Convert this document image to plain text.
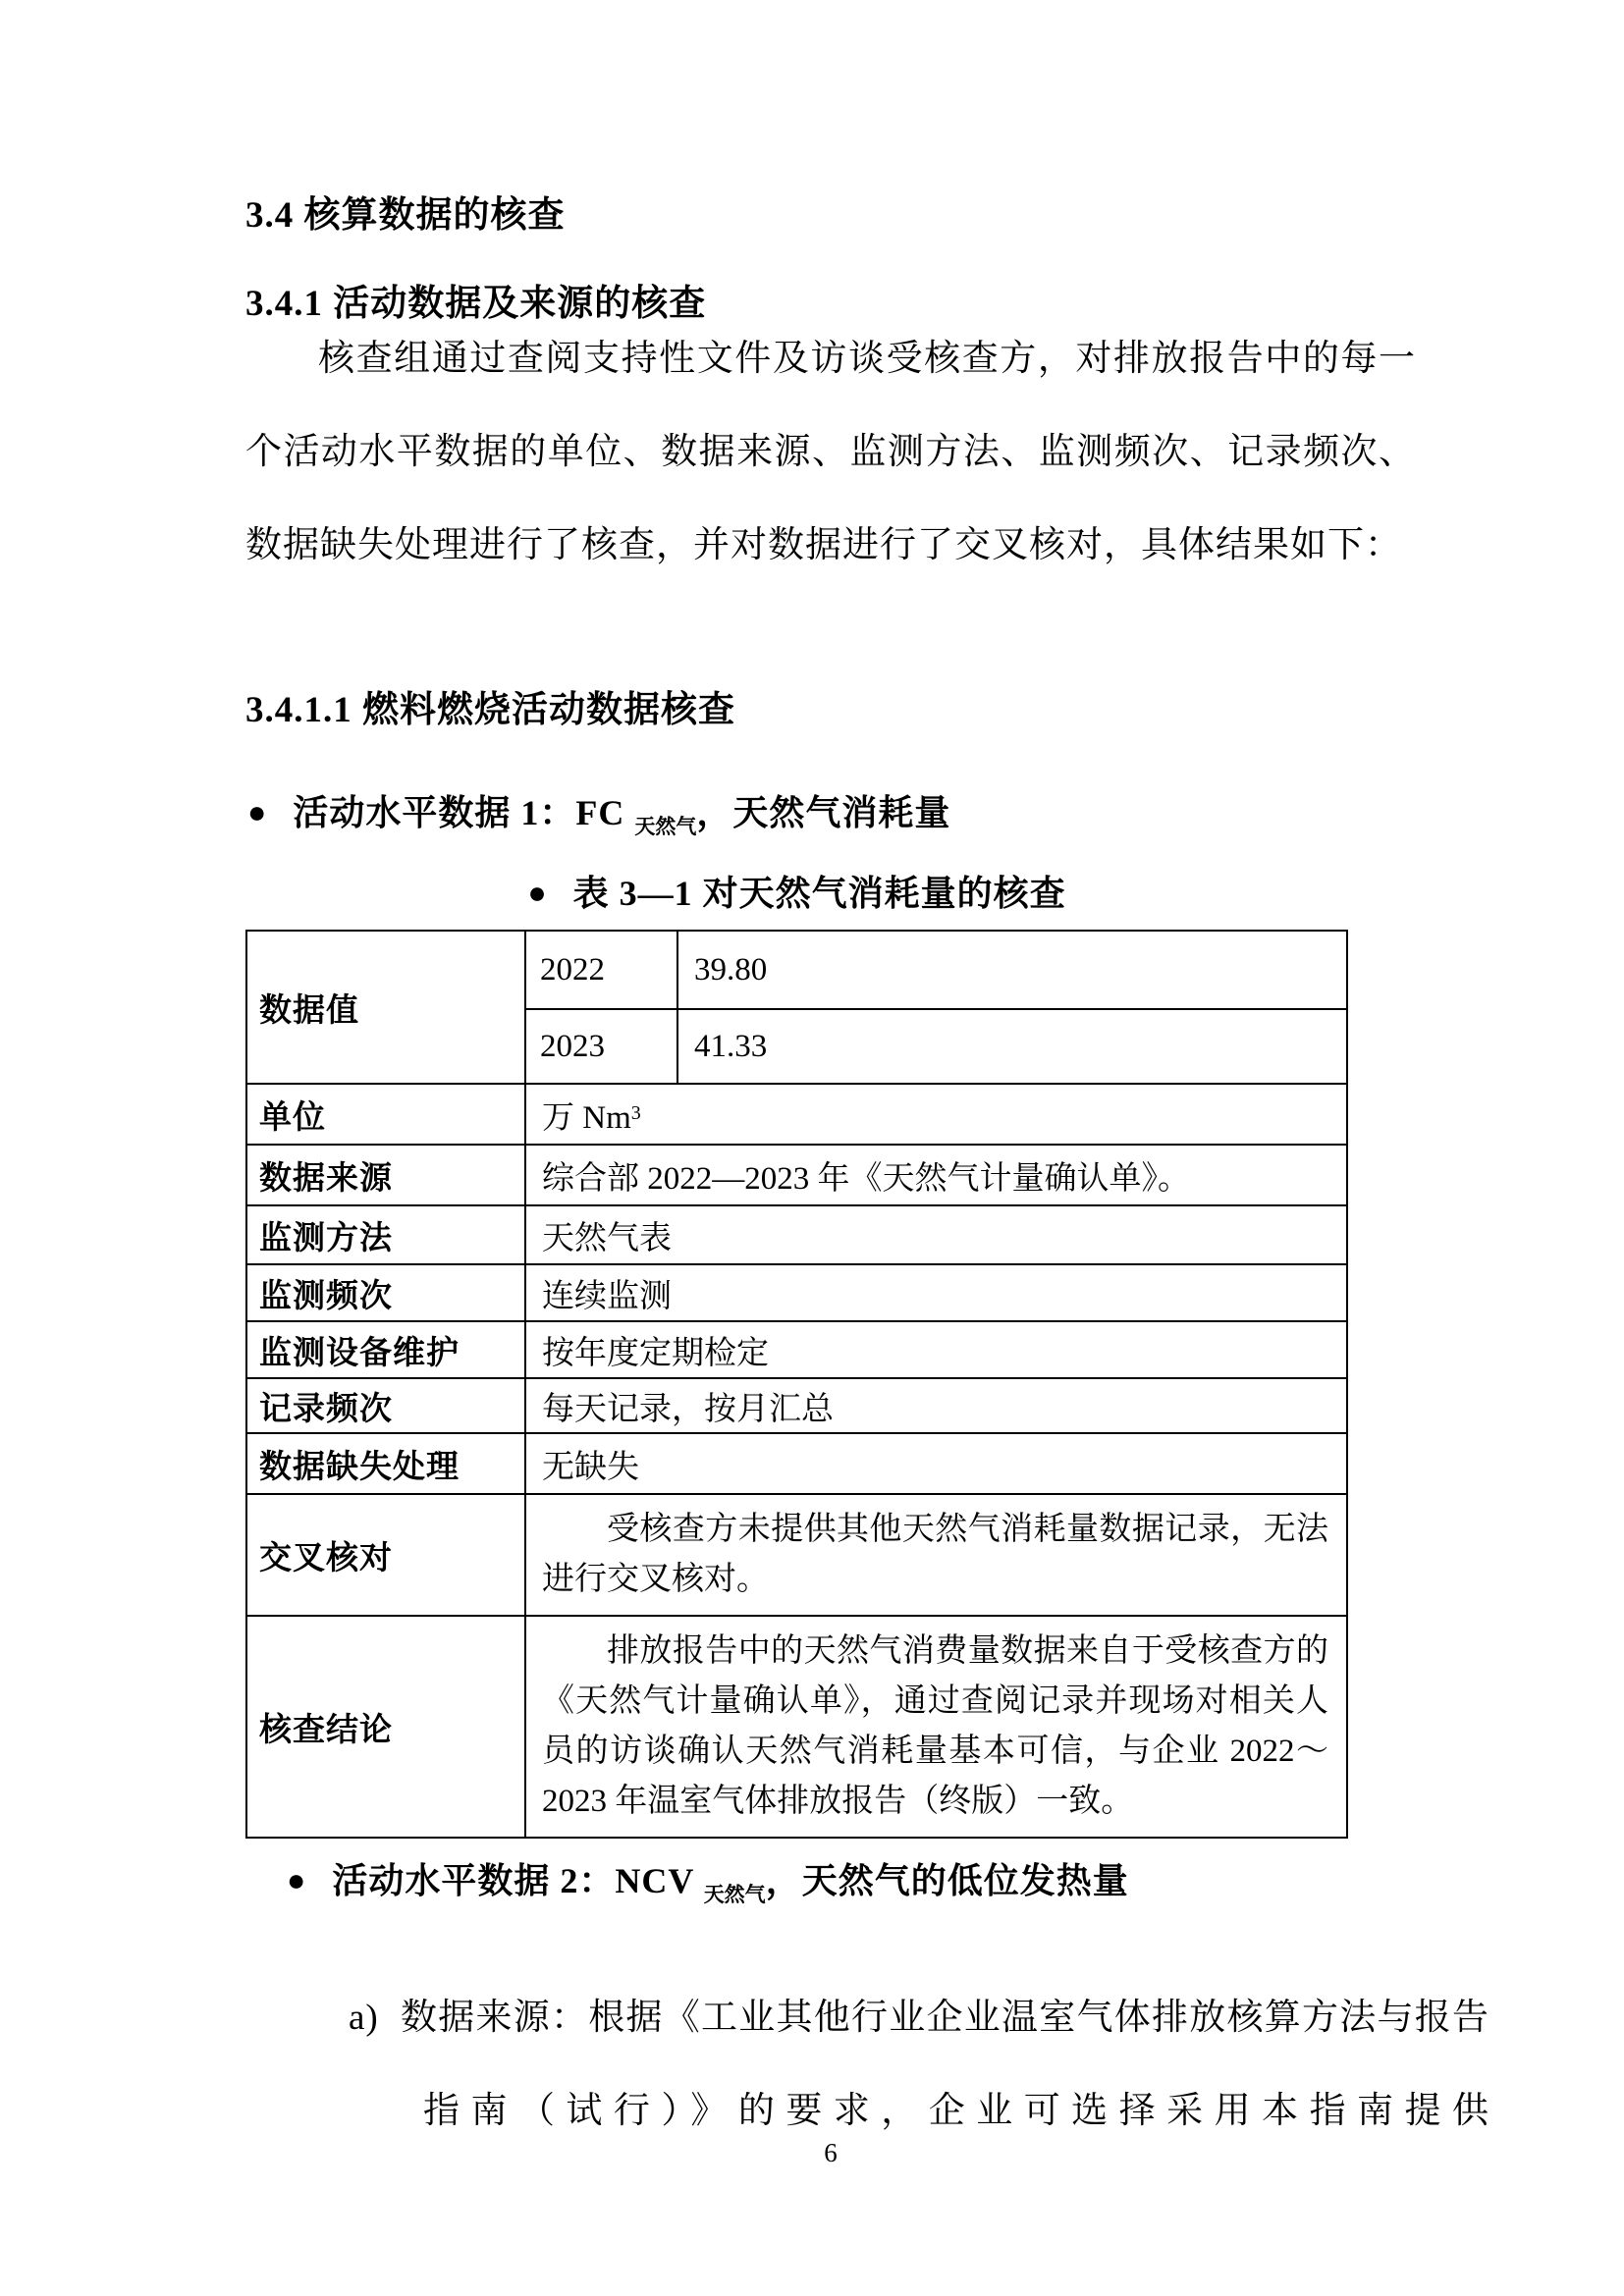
3.4 核算数据的核查
3.4.1 活动数据及来源的核查
核查组通过查阅支持性文件及访谈受核查方，对排放报告中的每一个活动水平数据的单位、数据来源、监测方法、监测频次、记录频次、数据缺失处理进行了核查，并对数据进行了交叉核对，具体结果如下：
3.4.1.1 燃料燃烧活动数据核查
● 活动水平数据 1：FC $_{天然气}$，天然气消耗量
● 表 3—1 对天然气消耗量的核查
数据值	2022	39.80
	2023	41.33
单位	万 Nm$^3$
数据来源	综合部 2022—2023 年《天然气计量确认单》。	
监测方法	天然气表	
监测频次	连续监测	
监测设备维护	按年度定期检定	
记录频次	每天记录，按月汇总	
数据缺失处理	无缺失	
交叉核对	受核查方未提供其他天然气消耗量数据记录，无法进行交叉核对。	
核查结论	排放报告中的天然气消费量数据来自于受核查方的《天然气计量确认单》，通过查阅记录并现场对相关人员的访谈确认天然气消耗量基本可信，与企业 2022～2023 年温室气体排放报告（终版）一致。	
● 活动水平数据 2：NCV $_{天然气}$，天然气的低位发热量
a) 数据来源：根据《工业其他行业企业温室气体排放核算方法与报告指南（试行）》的要求，企业可选择采用本指南提供
6
